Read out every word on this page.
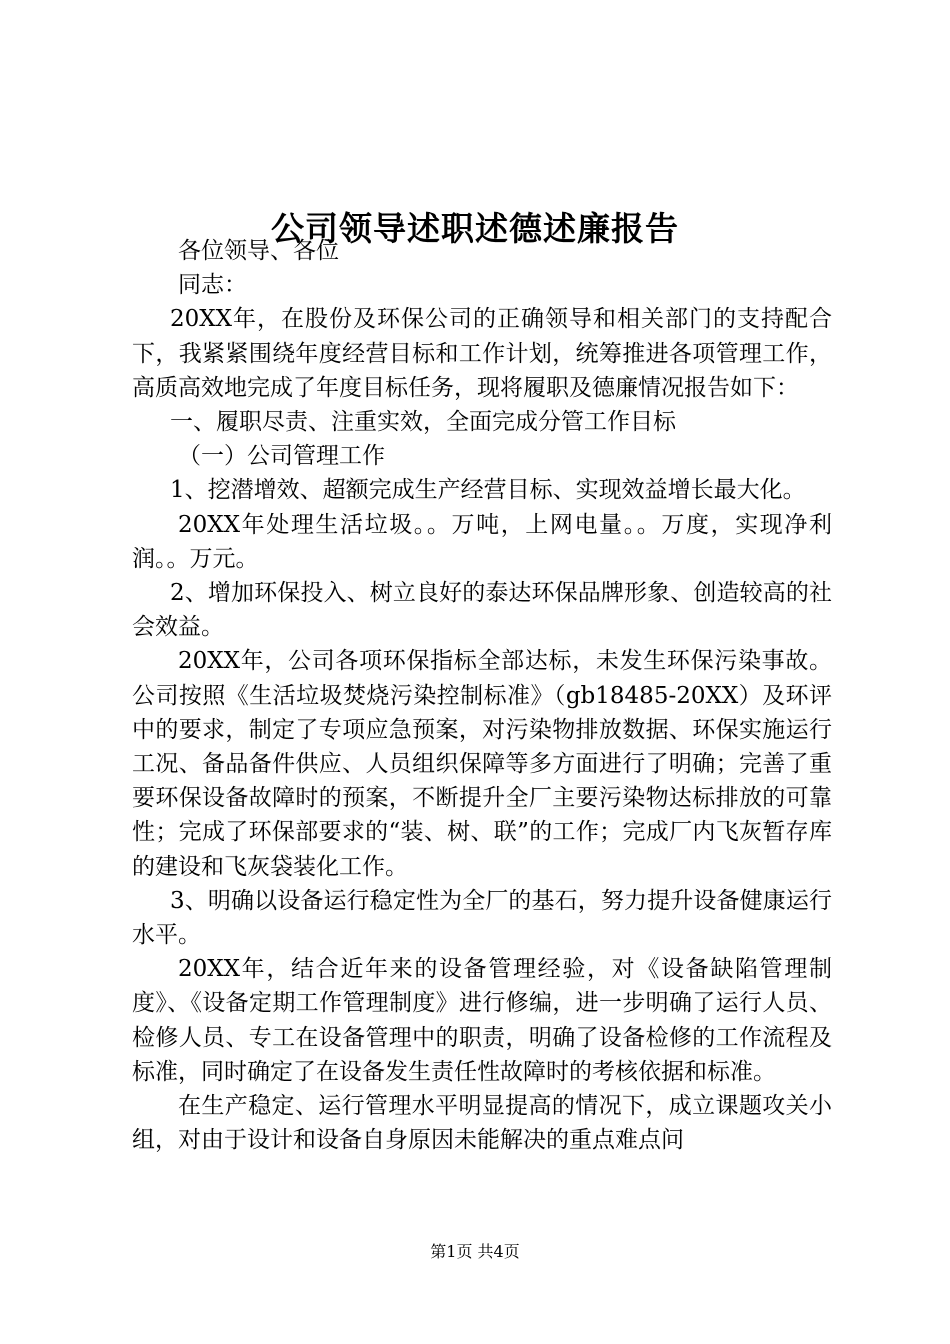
公司领导述职述德述廉报告

各位领导、各位

同志：

20XX年，在股份及环保公司的正确领导和相关部门的支持配合下，我紧紧围绕年度经营目标和工作计划，统筹推进各项管理工作，高质高效地完成了年度目标任务，现将履职及德廉情况报告如下：

一、履职尽责、注重实效，全面完成分管工作目标

（一）公司管理工作

1、挖潜增效、超额完成生产经营目标、实现效益增长最大化。

20XX年处理生活垃圾。。万吨，上网电量。。万度，实现净利润。。万元。

2、增加环保投入、树立良好的泰达环保品牌形象、创造较高的社会效益。

20XX年，公司各项环保指标全部达标，未发生环保污染事故。公司按照《生活垃圾焚烧污染控制标准》（gb18485-20XX）及环评中的要求，制定了专项应急预案，对污染物排放数据、环保实施运行工况、备品备件供应、人员组织保障等多方面进行了明确；完善了重要环保设备故障时的预案，不断提升全厂主要污染物达标排放的可靠性；完成了环保部要求的“装、树、联”的工作；完成厂内飞灰暂存库的建设和飞灰袋装化工作。

3、明确以设备运行稳定性为全厂的基石，努力提升设备健康运行水平。

20XX年，结合近年来的设备管理经验，对《设备缺陷管理制度》、《设备定期工作管理制度》进行修编，进一步明确了运行人员、检修人员、专工在设备管理中的职责，明确了设备检修的工作流程及标准，同时确定了在设备发生责任性故障时的考核依据和标准。

在生产稳定、运行管理水平明显提高的情况下，成立课题攻关小组，对由于设计和设备自身原因未能解决的重点难点问

第1页 共4页
